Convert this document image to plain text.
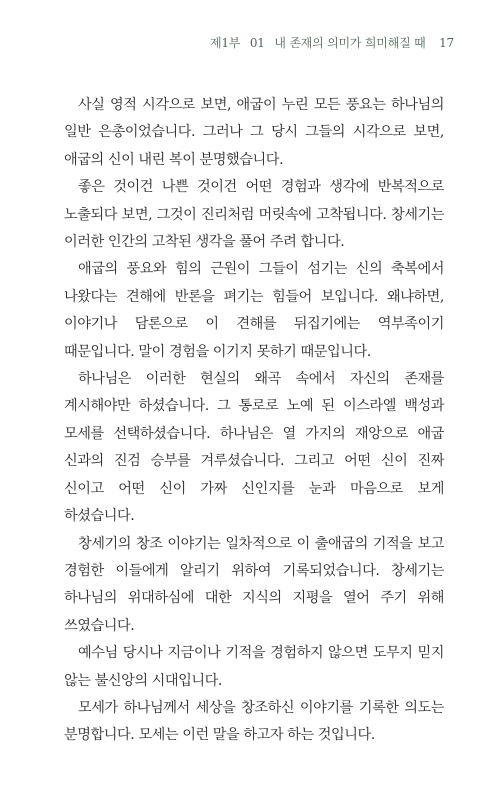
제1부 01 내 존재의 의미가 희미해질 때 17

사실 영적 시각으로 보면, 애굽이 누린 모든 풍요는 하나님의 일반 은총이었습니다. 그러나 그 당시 그들의 시각으로 보면, 애굽의 신이 내린 복이 분명했습니다.

좋은 것이건 나쁜 것이건 어떤 경험과 생각에 반복적으로 노출되다 보면, 그것이 진리처럼 머릿속에 고착됩니다. 창세기는 이러한 인간의 고착된 생각을 풀어 주려 합니다.

애굽의 풍요와 힘의 근원이 그들이 섬기는 신의 축복에서 나왔다는 견해에 반론을 펴기는 힘들어 보입니다. 왜냐하면, 이야기나 담론으로 이 견해를 뒤집기에는 역부족이기 때문입니다. 말이 경험을 이기지 못하기 때문입니다.

하나님은 이러한 현실의 왜곡 속에서 자신의 존재를 계시해야만 하셨습니다. 그 통로로 노예 된 이스라엘 백성과 모세를 선택하셨습니다. 하나님은 열 가지의 재앙으로 애굽 신과의 진검 승부를 겨루셨습니다. 그리고 어떤 신이 진짜 신이고 어떤 신이 가짜 신인지를 눈과 마음으로 보게 하셨습니다.

창세기의 창조 이야기는 일차적으로 이 출애굽의 기적을 보고 경험한 이들에게 알리기 위하여 기록되었습니다. 창세기는 하나님의 위대하심에 대한 지식의 지평을 열어 주기 위해 쓰였습니다.

예수님 당시나 지금이나 기적을 경험하지 않으면 도무지 믿지 않는 불신앙의 시대입니다.

모세가 하나님께서 세상을 창조하신 이야기를 기록한 의도는 분명합니다. 모세는 이런 말을 하고자 하는 것입니다.
